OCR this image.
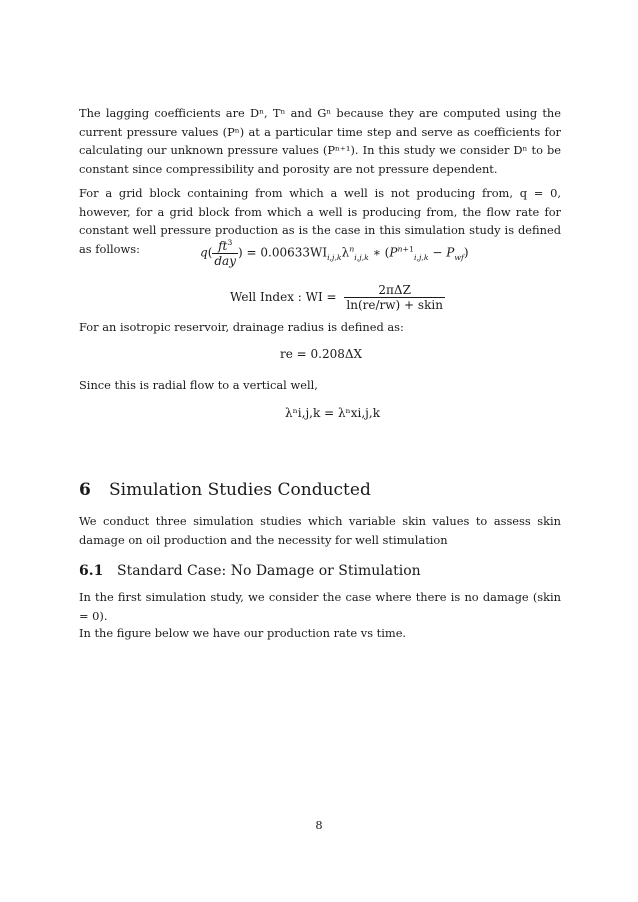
The lagging coefficients are Dⁿ, Tⁿ and Gⁿ because they are computed using the current pressure values (Pⁿ) at a particular time step and serve as coefficients for calculating our unknown pressure values (Pⁿ⁺¹). In this study we consider Dⁿ to be constant since compressibility and porosity are not pressure dependent.

For a grid block containing from which a well is not producing from, q = 0, however, for a grid block from which a well is producing from, the flow rate for constant well pressure production as is the case in this simulation study is defined as follows:	$q( \frac{ft^3}{\text{day}}$ ) = $0.00633WI_{i,j,k}\lambda^n_{i,j,k}$ ∗ $(P^{n+1}_{i,j,k} - P_{wf})$
Well Index : WI = $\frac{\text{2πΔZ}}{\text{ln(re/rw) + skin}}$

For an isotropic reservoir, drainage radius is defined as:

re = 0.208ΔX

Since this is radial flow to a vertical well,

λⁿi,j,k = λⁿxi,j,k
6 Simulation Studies Conducted

We conduct three simulation studies which variable skin values to assess skin damage on oil production and the necessity for well stimulation

6.1 Standard Case: No Damage or Stimulation

In the first simulation study, we consider the case where there is no damage (skin = 0).

In the figure below we have our production rate vs time.

8
